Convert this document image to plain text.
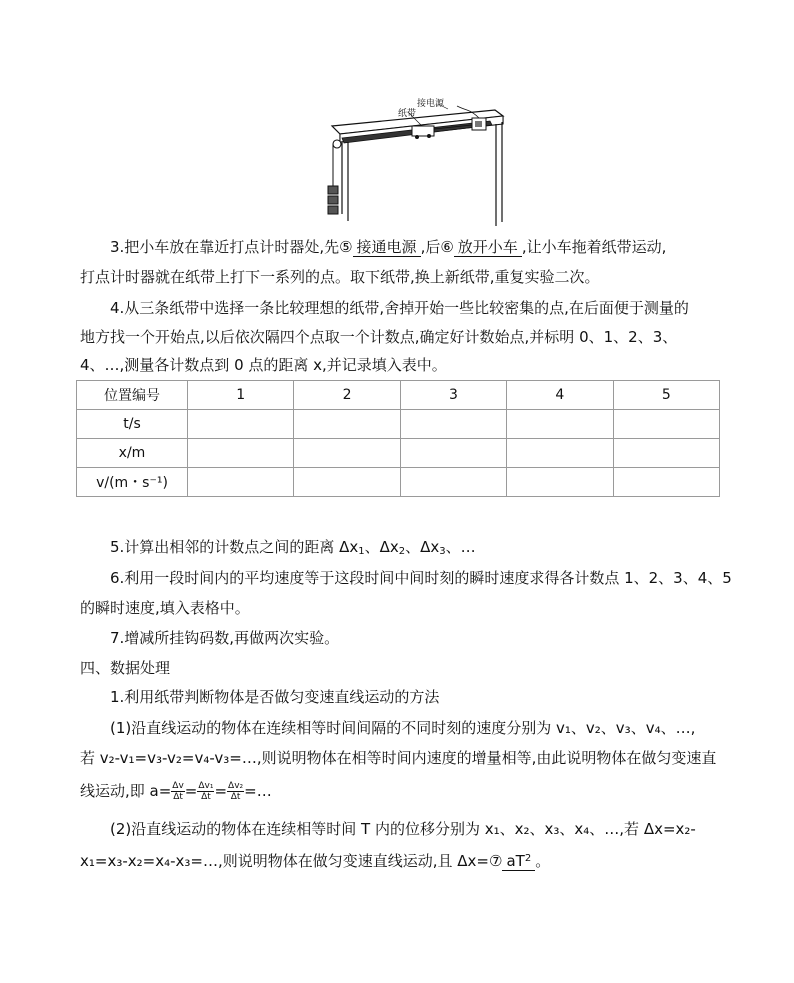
接电源
纸带
3.把小车放在靠近打点计时器处,先⑤ 接通电源 ,后⑥ 放开小车 ,让小车拖着纸带运动,
打点计时器就在纸带上打下一系列的点。取下纸带,换上新纸带,重复实验二次。
4.从三条纸带中选择一条比较理想的纸带,舍掉开始一些比较密集的点,在后面便于测量的
地方找一个开始点,以后依次隔四个点取一个计数点,确定好计数始点,并标明 0、1、2、3、
4、…,测量各计数点到 0 点的距离 x,并记录填入表中。
位置编号	1	2	3	4	5
t/s					
x/m					
v/(m・s⁻¹)					
5.计算出相邻的计数点之间的距离 $\Delta x_1$、$\Delta x_2$、$\Delta x_3$、…
6.利用一段时间内的平均速度等于这段时间中间时刻的瞬时速度求得各计数点 1、2、3、4、5
的瞬时速度,填入表格中。
7.增减所挂钩码数,再做两次实验。
四、数据处理
1.利用纸带判断物体是否做匀变速直线运动的方法
(1)沿直线运动的物体在连续相等时间间隔的不同时刻的速度分别为 v₁、v₂、v₃、v₄、…,
若 v₂-v₁=v₃-v₂=v₄-v₃=…,则说明物体在相等时间内速度的增量相等,由此说明物体在做匀变速直
线运动,即 $a= \frac{\Delta v}{\Delta t} = \frac{\text{Δv₁}}{\Delta t} = \frac{\text{Δv₂}}{\Delta t}$ =…
(2)沿直线运动的物体在连续相等时间 T 内的位移分别为 x₁、x₂、x₃、x₄、…,若 Δx=x₂-
x₁=x₃-x₂=x₄-x₃=…,则说明物体在做匀变速直线运动,且 Δx=⑦ $aT^2$ 。
